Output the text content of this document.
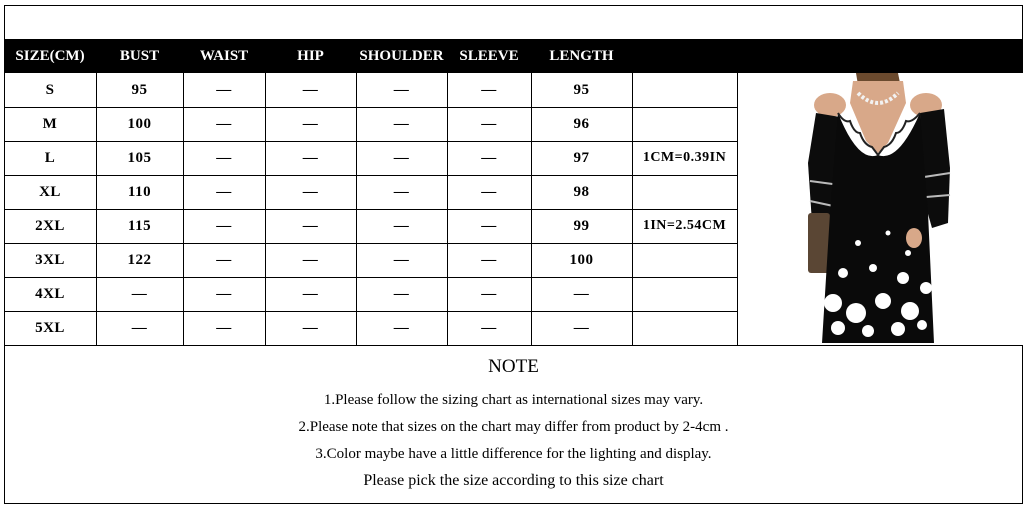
SIZE(CM)	BUST	WAIST	HIP	SHOULDER	SLEEVE	LENGTH
S	95	—	—	—	—	95
M	100	—	—	—	—	96
L	105	—	—	—	—	97	1CM=0.39IN
XL	110	—	—	—	—	98
2XL	115	—	—	—	—	99	1IN=2.54CM
3XL	122	—	—	—	—	100
4XL	—	—	—	—	—	—
5XL	—	—	—	—	—	—
NOTE
1.Please follow the sizing chart as international sizes may vary.
2.Please note that sizes on the chart may differ from product by 2-4cm .
3.Color maybe have a little difference for the lighting and display.
Please pick the size according to this size chart
